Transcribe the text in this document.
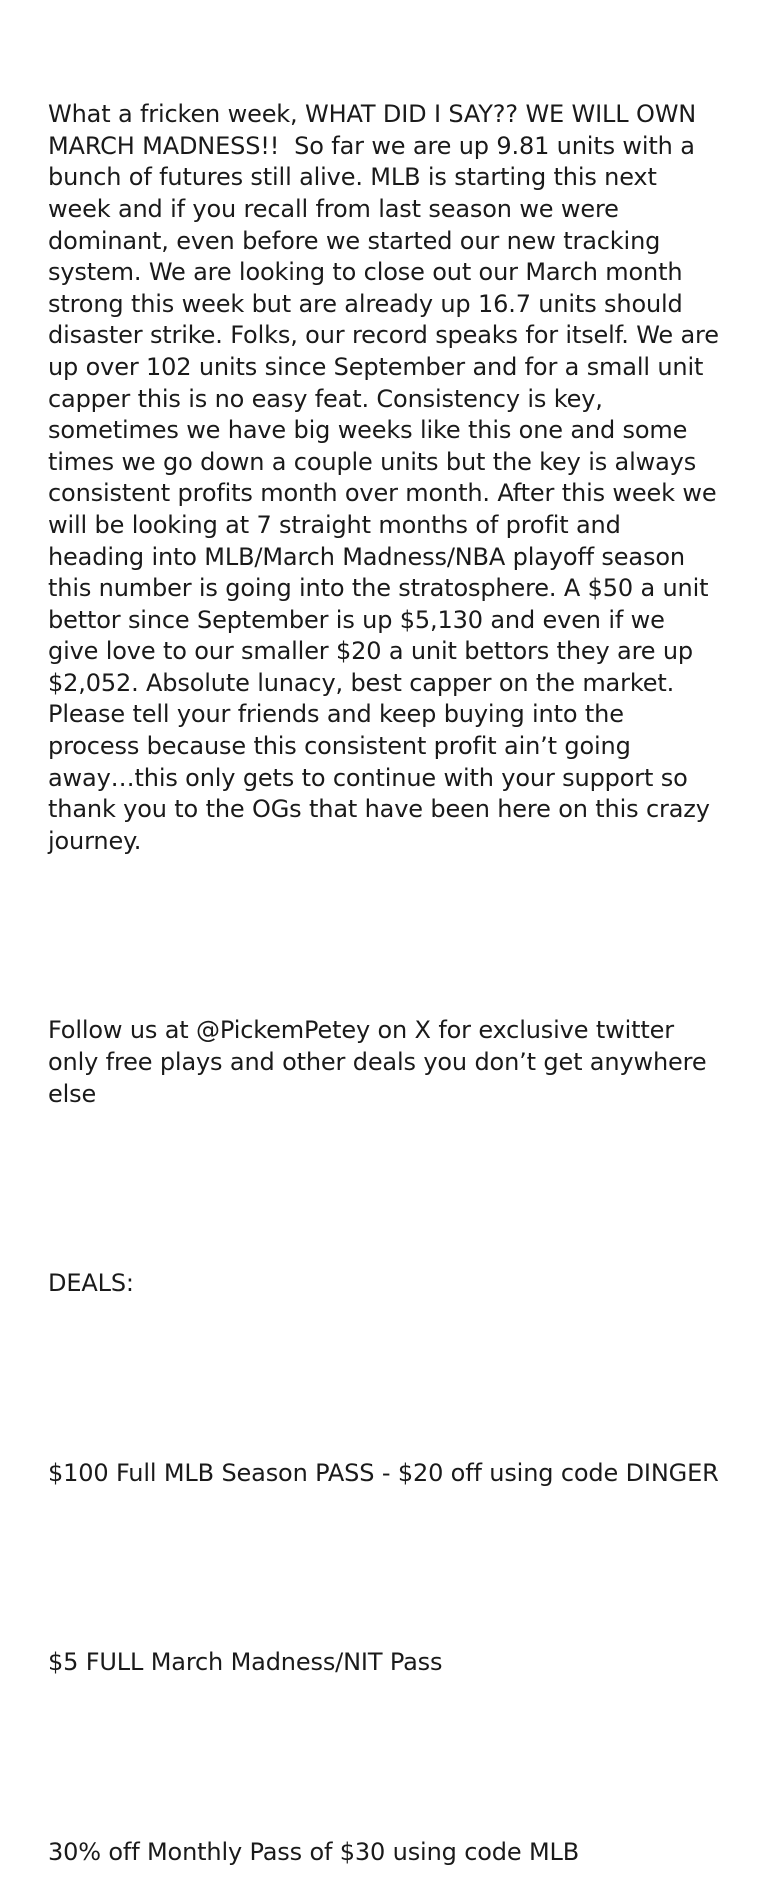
What a fricken week, WHAT DID I SAY?? WE WILL OWN MARCH MADNESS!!  So far we are up 9.81 units with a bunch of futures still alive. MLB is starting this next week and if you recall from last season we were dominant, even before we started our new tracking system. We are looking to close out our March month strong this week but are already up 16.7 units should disaster strike. Folks, our record speaks for itself. We are up over 102 units since September and for a small unit capper this is no easy feat. Consistency is key, sometimes we have big weeks like this one and some times we go down a couple units but the key is always consistent profits month over month. After this week we will be looking at 7 straight months of profit and heading into MLB/March Madness/NBA playoff season this number is going into the stratosphere. A $50 a unit bettor since September is up $5,130 and even if we give love to our smaller $20 a unit bettors they are up $2,052. Absolute lunacy, best capper on the market. Please tell your friends and keep buying into the process because this consistent profit ain’t going away…this only gets to continue with your support so thank you to the OGs that have been here on this crazy journey.

Follow us at @PickemPetey on X for exclusive twitter only free plays and other deals you don’t get anywhere else

DEALS:

$100 Full MLB Season PASS - $20 off using code DINGER

$5 FULL March Madness/NIT Pass

30% off Monthly Pass of $30 using code MLB
